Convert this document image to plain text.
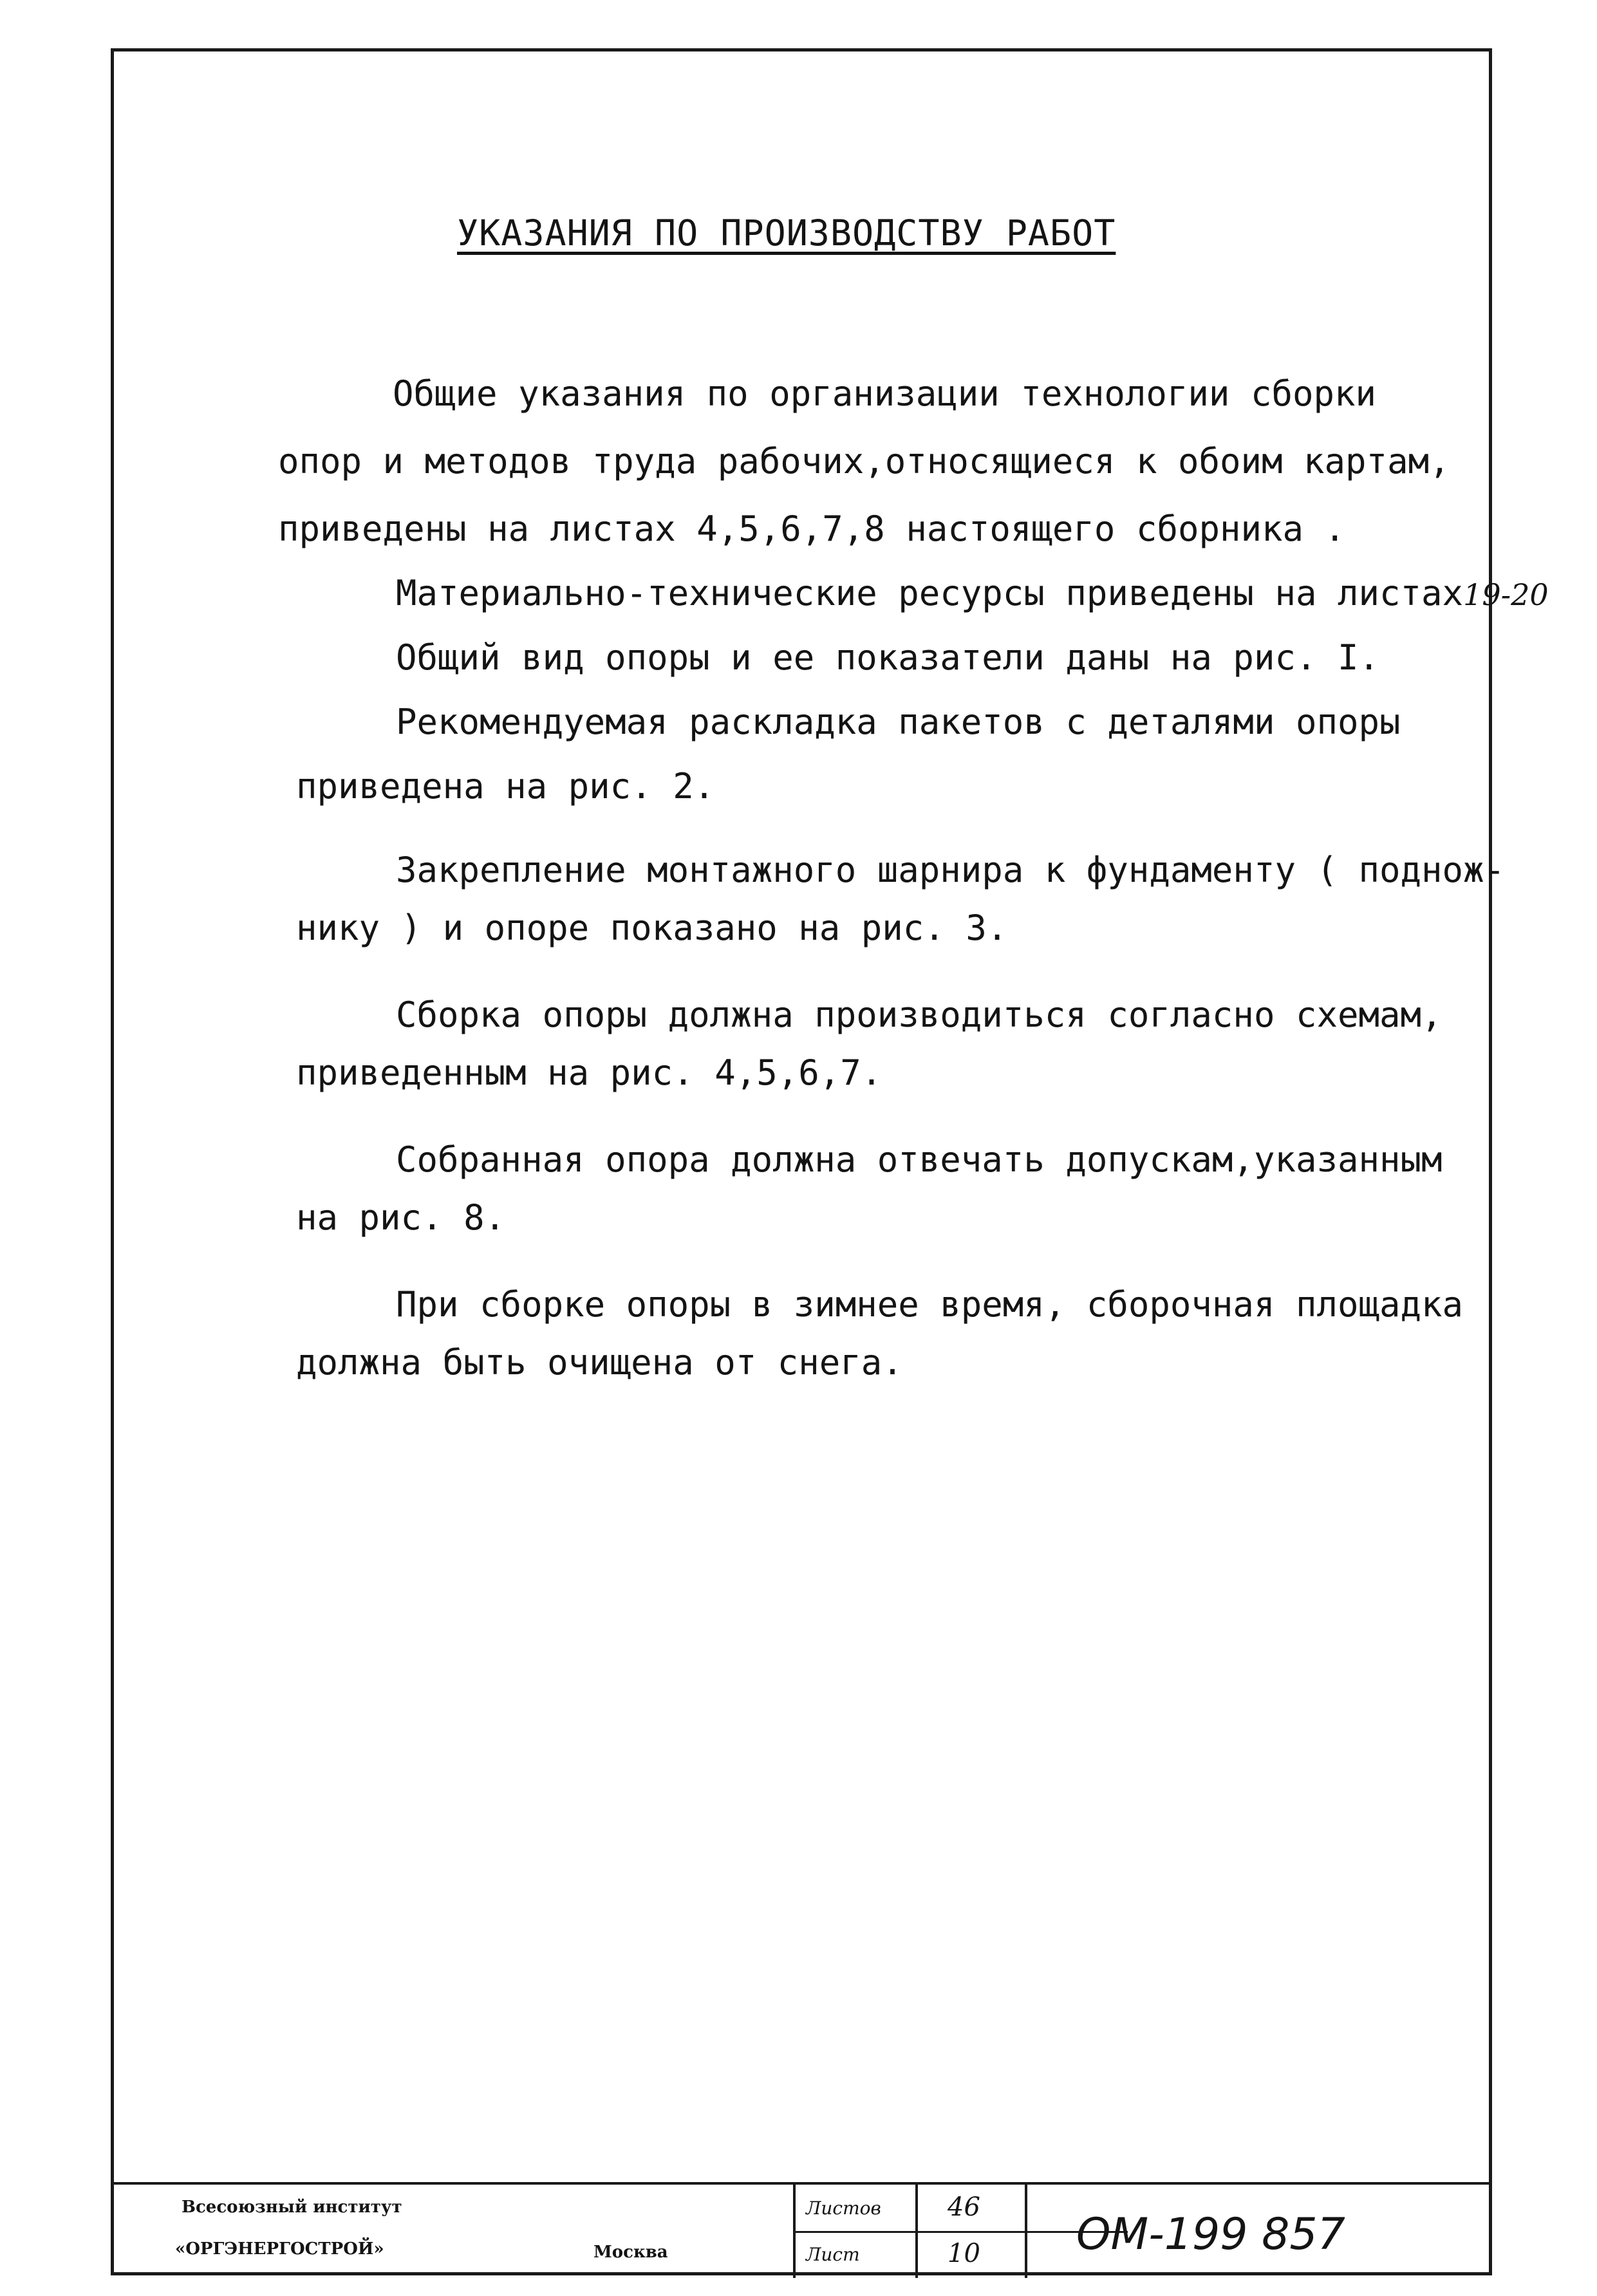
УКАЗАНИЯ ПО ПРОИЗВОДСТВУ РАБОТ

Общие указания по организации технологии сборки

опор и методов труда рабочих,относящиеся к обоим картам,

приведены на листах 4,5,6,7,8 настоящего сборника .

Материально-технические ресурсы приведены на листах19-20

Общий вид опоры и ее показатели даны на рис. I.

Рекомендуемая раскладка пакетов с деталями опоры

приведена на рис. 2.

Закрепление монтажного шарнира к фундаменту ( поднож-

нику ) и опоре показано на рис. 3.

Сборка опоры должна производиться согласно схемам,

приведенным на рис. 4,5,6,7.

Собранная опора должна отвечать допускам,указанным

на рис. 8.

При сборке опоры в зимнее время, сборочная площадка

должна быть очищена от снега.

Всесоюзный институт
«ОРГЭНЕРГОСТРОЙ»	Москва
Листов	46
Лист	10 ОМ-199 857
